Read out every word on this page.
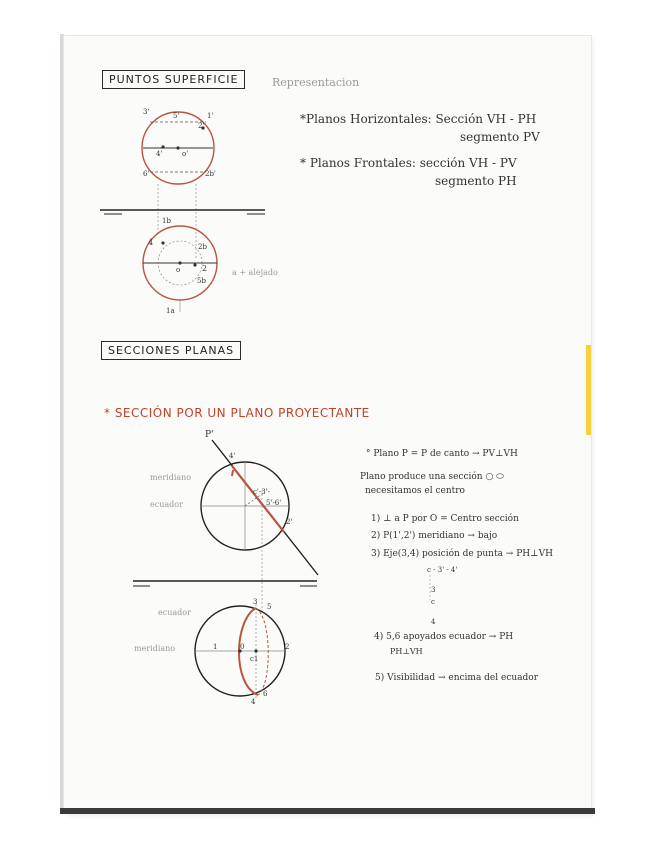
PUNTOS SUPERFICIE	Representacion
*Planos Horizontales: Sección VH - PH
segmento PV
* Planos Frontales: sección VH - PV
segmento PH
3'	5'	1'
2'
4'	o'
6'	2b'
1b
4	2b
o	2
5b
1a
a + alejado
SECCIONES PLANAS
* SECCIÓN POR UN PLANO PROYECTANTE
P'
meridiano
ecuador
4'
2'
c'-3'-
5'-6'
ecuador
meridiano	1	2
3
5
0
c1
4
6
° Plano P = P de canto → PV⊥VH
Plano produce una sección ○ ⬭
necesitamos el centro
1) ⊥ a P por O = Centro sección
2) P(1',2') meridiano → bajo
3) Eje(3,4) posición de punta → PH⊥VH
c - 3' - 4'
3
c
4
4) 5,6 apoyados ecuador → PH
PH⊥VH
5) Visibilidad → encima del ecuador
